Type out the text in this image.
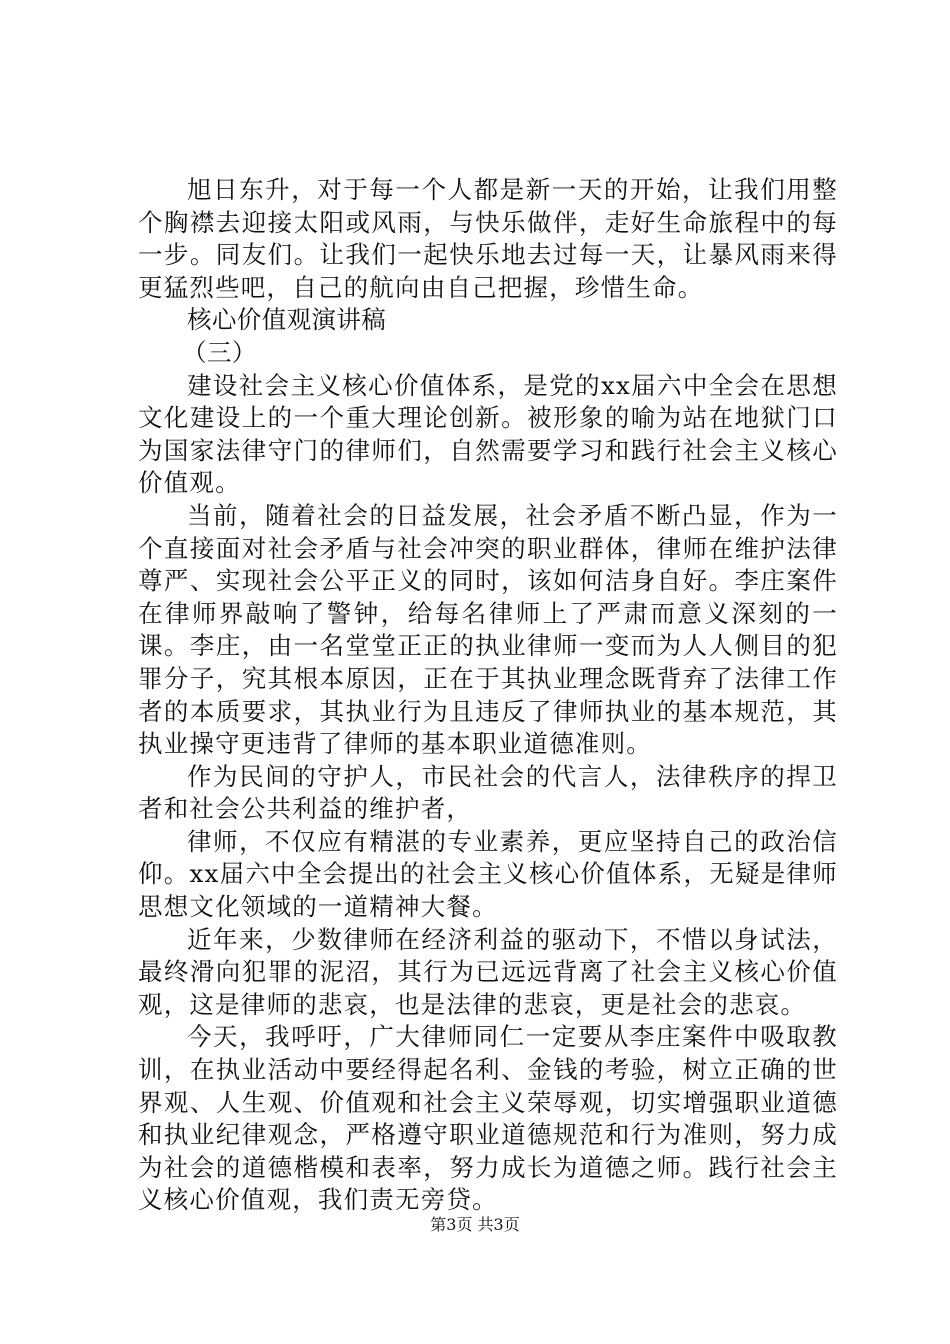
旭日东升，对于每一个人都是新一天的开始，让我们用整个胸襟去迎接太阳或风雨，与快乐做伴，走好生命旅程中的每一步。同友们。让我们一起快乐地去过每一天，让暴风雨来得更猛烈些吧，自己的航向由自己把握，珍惜生命。

核心价值观演讲稿

（三）

建设社会主义核心价值体系，是党的xx届六中全会在思想文化建设上的一个重大理论创新。被形象的喻为站在地狱门口为国家法律守门的律师们，自然需要学习和践行社会主义核心价值观。

当前，随着社会的日益发展，社会矛盾不断凸显，作为一个直接面对社会矛盾与社会冲突的职业群体，律师在维护法律尊严、实现社会公平正义的同时，该如何洁身自好。李庄案件在律师界敲响了警钟，给每名律师上了严肃而意义深刻的一课。李庄，由一名堂堂正正的执业律师一变而为人人侧目的犯罪分子，究其根本原因，正在于其执业理念既背弃了法律工作者的本质要求，其执业行为且违反了律师执业的基本规范，其执业操守更违背了律师的基本职业道德准则。

作为民间的守护人，市民社会的代言人，法律秩序的捍卫者和社会公共利益的维护者，

律师，不仅应有精湛的专业素养，更应坚持自己的政治信仰。xx届六中全会提出的社会主义核心价值体系，无疑是律师思想文化领域的一道精神大餐。

近年来，少数律师在经济利益的驱动下，不惜以身试法，最终滑向犯罪的泥沼，其行为已远远背离了社会主义核心价值观，这是律师的悲哀，也是法律的悲哀，更是社会的悲哀。

今天，我呼吁，广大律师同仁一定要从李庄案件中吸取教训，在执业活动中要经得起名利、金钱的考验，树立正确的世界观、人生观、价值观和社会主义荣辱观，切实增强职业道德和执业纪律观念，严格遵守职业道德规范和行为准则，努力成为社会的道德楷模和表率，努力成长为道德之师。践行社会主义核心价值观，我们责无旁贷。

第3页 共3页
